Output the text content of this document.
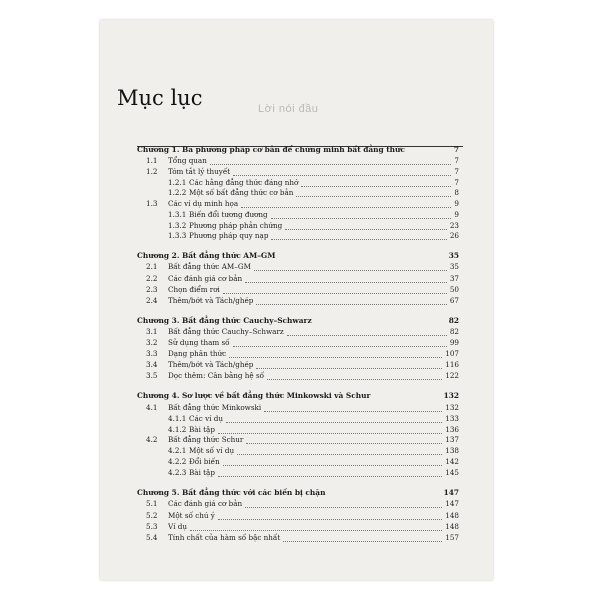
Mục lục	Lời nói đầu
Chương 1. Ba phương pháp cơ bản để chứng minh bất đẳng thức	7
1.1 Tổng quan	7
1.2 Tóm tắt lý thuyết	7
1.2.1 Các hằng đẳng thức đáng nhớ	7
1.2.2 Một số bất đẳng thức cơ bản	8
1.3 Các ví dụ minh họa	9
1.3.1 Biến đổi tương đương	9
1.3.2 Phương pháp phản chứng	23
1.3.3 Phương pháp quy nạp	26
Chương 2. Bất đẳng thức AM–GM	35
2.1 Bất đẳng thức AM–GM	35
2.2 Các đánh giá cơ bản	37
2.3 Chọn điểm rơi	50
2.4 Thêm/bớt và Tách/ghép	67
Chương 3. Bất đẳng thức Cauchy–Schwarz	82
3.1 Bất đẳng thức Cauchy–Schwarz	82
3.2 Sử dụng tham số	99
3.3 Dạng phân thức	107
3.4 Thêm/bớt và Tách/ghép	116
3.5 Dọc thêm: Cân bằng hệ số	122
Chương 4. Sơ lược về bất đẳng thức Minkowski và Schur	132
4.1 Bất đẳng thức Minkowski	132
4.1.1 Các ví dụ	133
4.1.2 Bài tập	136
4.2 Bất đẳng thức Schur	137
4.2.1 Một số ví dụ	138
4.2.2 Đổi biến	142
4.2.3 Bài tập	145
Chương 5. Bất đẳng thức với các biến bị chặn	147
5.1 Các đánh giá cơ bản	147
5.2 Một số chú ý	148
5.3 Ví dụ	148
5.4 Tính chất của hàm số bậc nhất	157
